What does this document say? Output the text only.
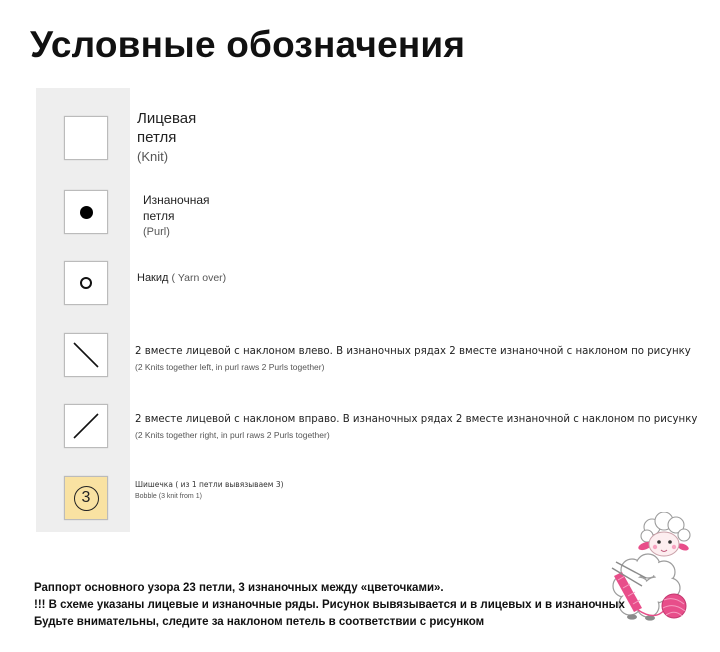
Условные обозначения
Лицевая
петля
(Knit)
Изнаночная
петля
(Purl)
Накид ( Yarn over)
2 вместе лицевой с наклоном влево. В изнаночных рядах 2 вместе изнаночной с наклоном по рисунку
(2 Knits together left, in purl raws 2 Purls together)
2 вместе лицевой с наклоном вправо. В изнаночных рядах 2 вместе изнаночной с наклоном по рисунку
(2 Knits together right, in purl raws 2 Purls together)
3
Шишечка ( из 1 петли вывязываем 3)
Bobble (3 knit from 1)
Раппорт основного узора 23 петли, 3 изнаночных между «цветочками».
!!! В схеме указаны лицевые и изнаночные ряды. Рисунок вывязывается и в лицевых и в изнаночных
Будьте внимательны, следите за наклоном петель в соответствии с рисунком
